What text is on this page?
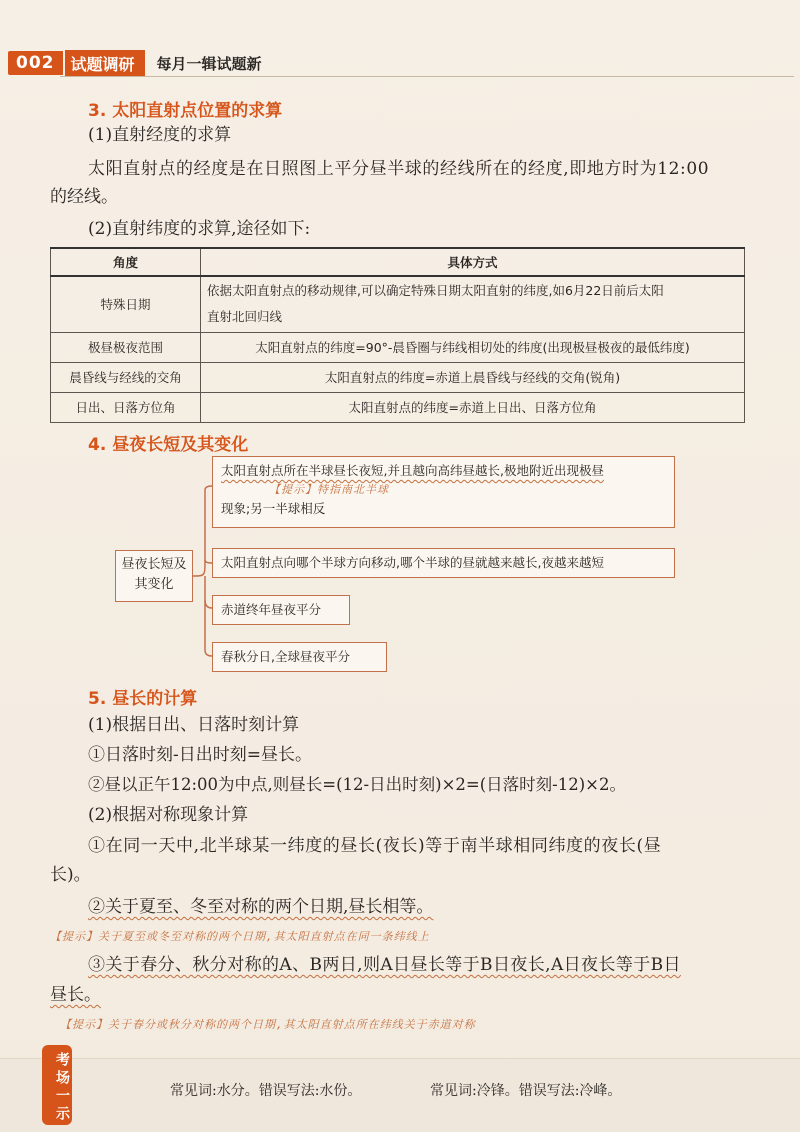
002	试题调研	每月一辑试题新
3. 太阳直射点位置的求算
(1)直射经度的求算
太阳直射点的经度是在日照图上平分昼半球的经线所在的经度,即地方时为12:00
的经线。
(2)直射纬度的求算,途径如下:
角度	具体方式
特殊日期	依据太阳直射点的移动规律,可以确定特殊日期太阳直射的纬度,如6月22日前后太阳
直射北回归线

极昼极夜范围	太阳直射点的纬度=90°-晨昏圈与纬线相切处的纬度(出现极昼极夜的最低纬度)
晨昏线与经线的交角	太阳直射点的纬度=赤道上晨昏线与经线的交角(锐角)
日出、日落方位角	太阳直射点的纬度=赤道上日出、日落方位角
4. 昼夜长短及其变化
昼夜长短及其变化
太阳直射点所在半球昼长夜短,并且越向高纬昼越长,极地附近出现极昼
【提示】特指南北半球
现象;另一半球相反
太阳直射点向哪个半球方向移动,哪个半球的昼就越来越长,夜越来越短
赤道终年昼夜平分
春秋分日,全球昼夜平分
5. 昼长的计算
(1)根据日出、日落时刻计算
①日落时刻-日出时刻=昼长。
②昼以正午12:00为中点,则昼长=(12-日出时刻)×2=(日落时刻-12)×2。
(2)根据对称现象计算
①在同一天中,北半球某一纬度的昼长(夜长)等于南半球相同纬度的夜长(昼
长)。
②关于夏至、冬至对称的两个日期,昼长相等。
【提示】关于夏至或冬至对称的两个日期,其太阳直射点在同一条纬线上
③关于春分、秋分对称的A、B两日,则A日昼长等于B日夜长,A日夜长等于B日
昼长。
【提示】关于春分或秋分对称的两个日期,其太阳直射点所在纬线关于赤道对称
考场一示	常见词:水分。错误写法:水份。	常见词:冷锋。错误写法:冷峰。
